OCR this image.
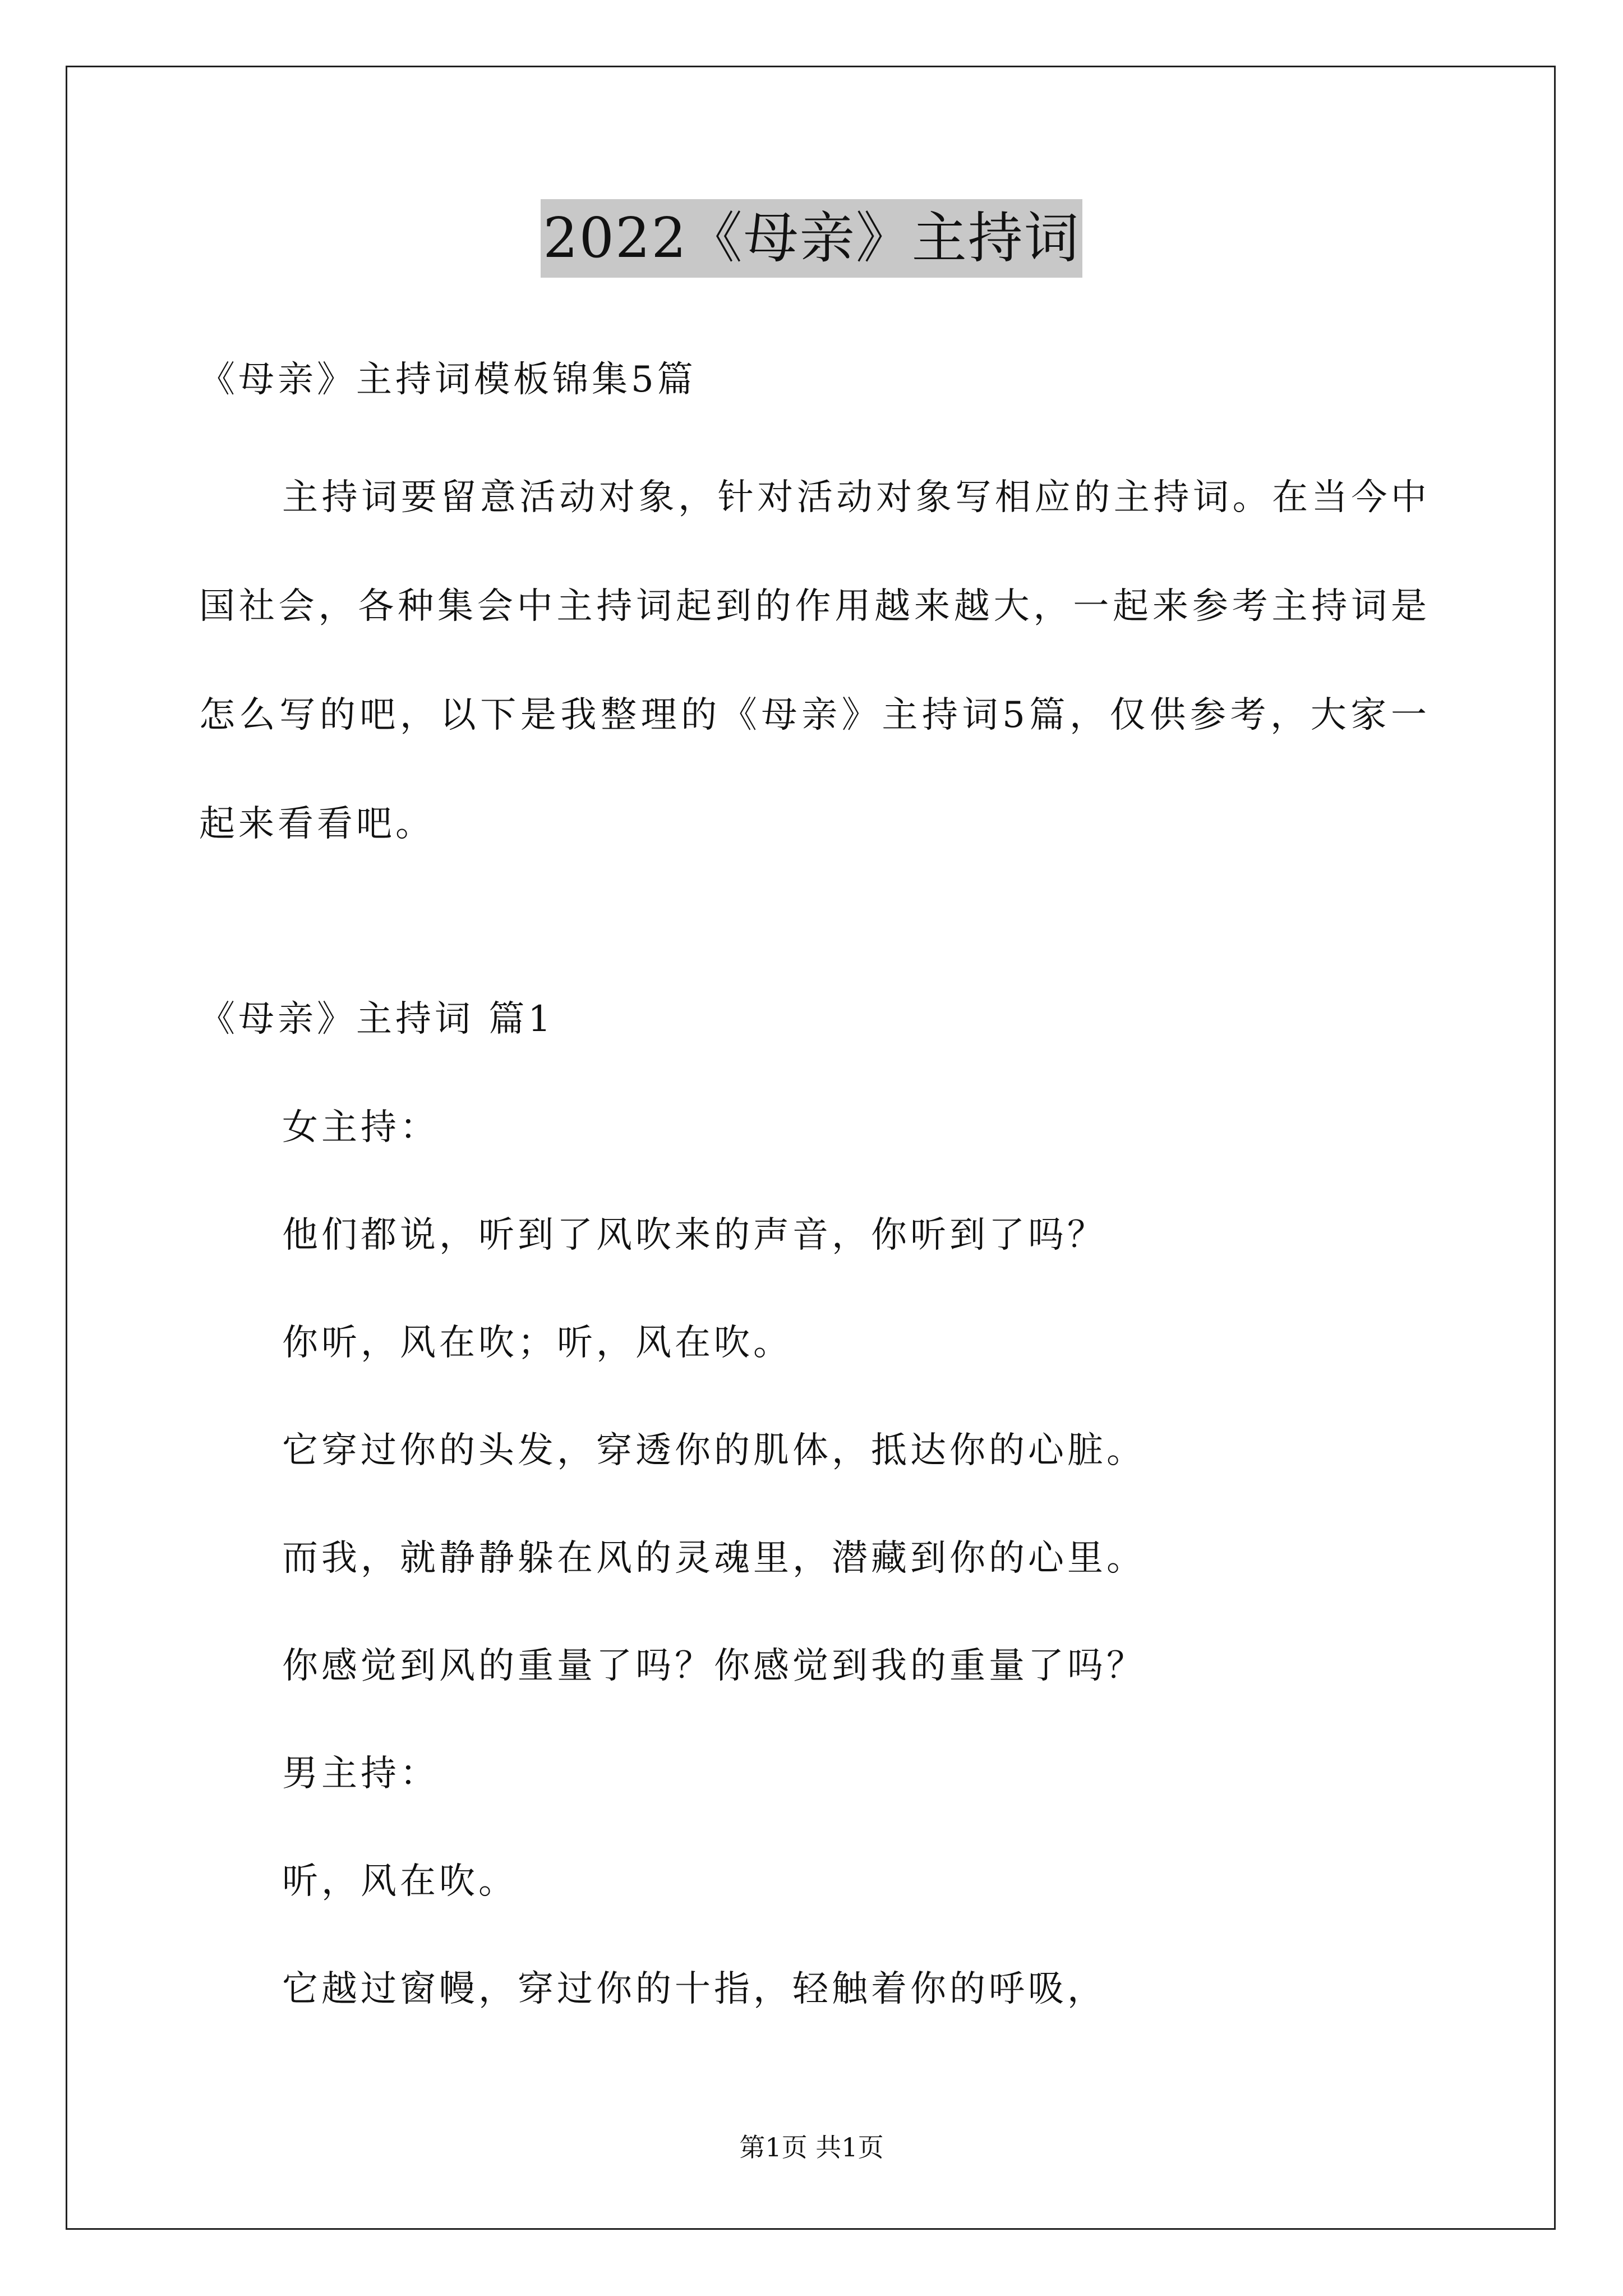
2022《母亲》主持词

《母亲》主持词模板锦集5篇

主持词要留意活动对象，针对活动对象写相应的主持词。在当今中国社会，各种集会中主持词起到的作用越来越大，一起来参考主持词是怎么写的吧，以下是我整理的《母亲》主持词5篇，仅供参考，大家一起来看看吧。

《母亲》主持词 篇1

女主持：

他们都说，听到了风吹来的声音，你听到了吗？

你听，风在吹；听，风在吹。

它穿过你的头发，穿透你的肌体，抵达你的心脏。

而我，就静静躲在风的灵魂里，潜藏到你的心里。

你感觉到风的重量了吗？你感觉到我的重量了吗？

男主持：

听，风在吹。

它越过窗幔，穿过你的十指，轻触着你的呼吸，

第1页 共1页
